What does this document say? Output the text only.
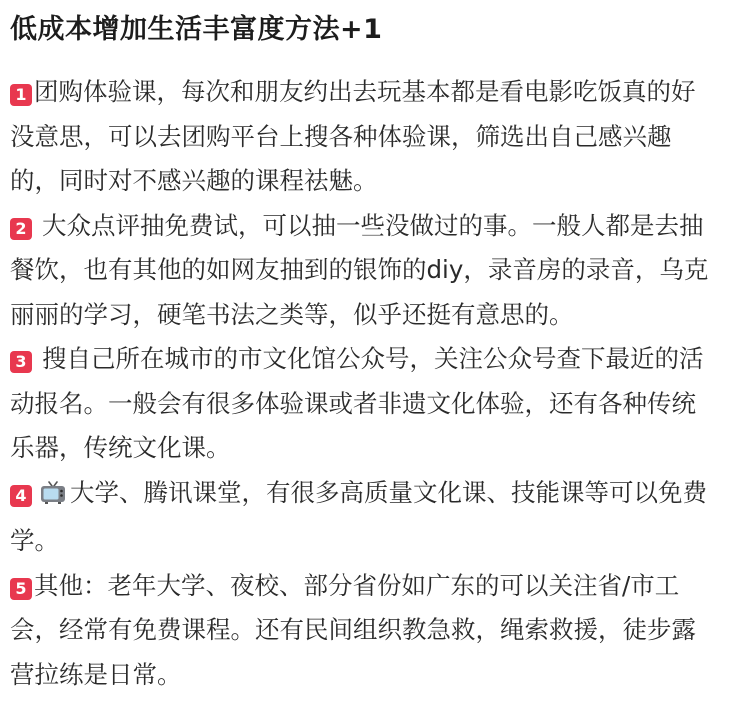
低成本增加生活丰富度方法+1
1 团购体验课，每次和朋友约出去玩基本都是看电影吃饭真的好没意思，可以去团购平台上搜各种体验课，筛选出自己感兴趣的，同时对不感兴趣的课程祛魅。
2 大众点评抽免费试，可以抽一些没做过的事。一般人都是去抽餐饮，也有其他的如网友抽到的银饰的diy，录音房的录音，乌克丽丽的学习，硬笔书法之类等，似乎还挺有意思的。
3 搜自己所在城市的市文化馆公众号，关注公众号查下最近的活动报名。一般会有很多体验课或者非遗文化体验，还有各种传统乐器，传统文化课。
4 大学、腾讯课堂，有很多高质量文化课、技能课等可以免费学。
5 其他：老年大学、夜校、部分省份如广东的可以关注省/市工会，经常有免费课程。还有民间组织教急救，绳索救援，徒步露营拉练是日常。
